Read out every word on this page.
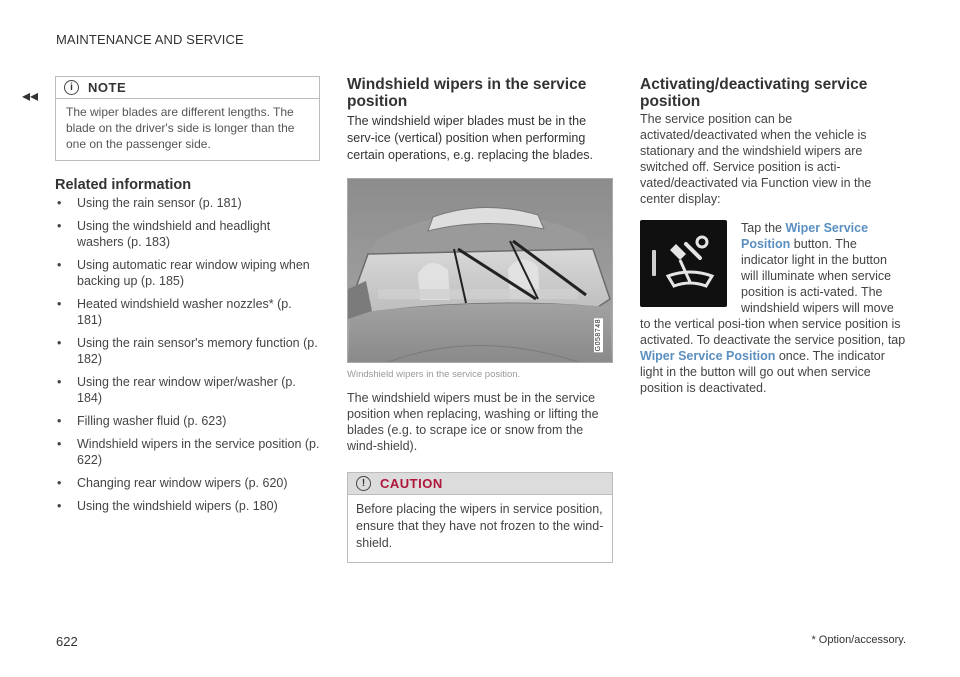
MAINTENANCE AND SERVICE
◂◂
i	NOTE
The wiper blades are different lengths. The blade on the driver's side is longer than the one on the passenger side.
Related information
• Using the rain sensor (p. 181)
• Using the windshield and headlight washers (p. 183)
• Using automatic rear window wiping when backing up (p. 185)
• Heated windshield washer nozzles* (p. 181)
• Using the rain sensor's memory function (p. 182)
• Using the rear window wiper/washer (p. 184)
• Filling washer fluid (p. 623)
• Windshield wipers in the service position (p. 622)
• Changing rear window wipers (p. 620)
• Using the windshield wipers (p. 180)
Windshield wipers in the service position

The windshield wiper blades must be in the serv-ice (vertical) position when performing certain operations, e.g. replacing the blades.

G058748
Windshield wipers in the service position.

The windshield wipers must be in the service position when replacing, washing or lifting the blades (e.g. to scrape ice or snow from the wind-shield).

!	CAUTION
Before placing the wipers in service position, ensure that they have not frozen to the wind-shield.
Activating/deactivating service position

The service position can be activated/deactivated when the vehicle is stationary and the windshield wipers are switched off. Service position is acti-vated/deactivated via Function view in the center display:

Tap the Wiper Service Position button. The indicator light in the button will illuminate when service position is acti-vated. The windshield wipers will move to the vertical posi-tion when service position is activated. To deactivate the service position, tap Wiper Service Position once. The indicator light in the button will go out when service position is deactivated.

622	* Option/accessory.
